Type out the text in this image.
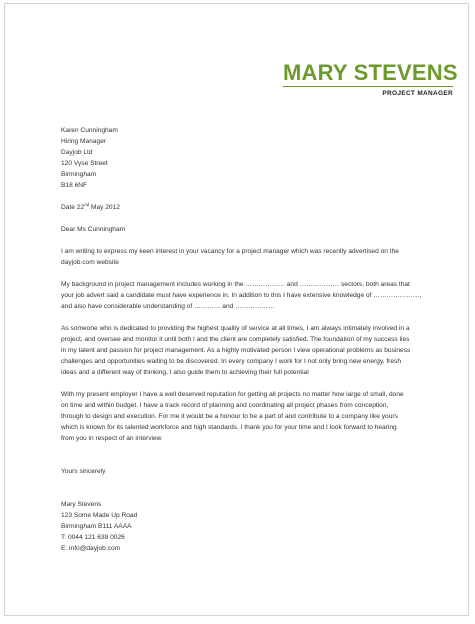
MARY STEVENS
PROJECT MANAGER

Karen Cunningham

Hiring Manager

Dayjob Ltd

120 Vyse Street

Birmingham

B18 6NF

Date 22nd May 2012

Dear Ms Cunningham

I am writing to express my keen interest in your vacancy for a project manager which was recently advertised on the

dayjob.com website

My background in project management includes working in the ……………… and ……………… sectors, both areas that

your job advert said a candidate must have experience in. In addition to this I have extensive knowledge of …………………,

and also have considerable understanding of ………… and ………………

As someone who is dedicated to providing the highest quality of service at all times, I am always intimately involved in a

project, and oversee and monitor it until both I and the client are completely satisfied. The foundation of my success lies

in my talent and passion for project management. As a highly motivated person I view operational problems as business

challenges and opportunities waiting to be discovered. In every company I work for I not only bring new energy, fresh

ideas and a different way of thinking, I also guide them to achieving their full potential

With my present employer I have a well deserved reputation for getting all projects no matter how large of small, done

on time and within budget. I have a track record of planning and coordinating all project phases from conception,

through to design and execution. For me it would be a honour to be a part of and contribute to a company like yours

which is known for its talented workforce and high standards. I thank you for your time and I look forward to hearing

from you in respect of an interview

Yours sincerely

Mary Stevens

123 Some Made Up Road

Birmingham B111 AAAA

T: 0044 121 638 0026

E: info@dayjob.com
